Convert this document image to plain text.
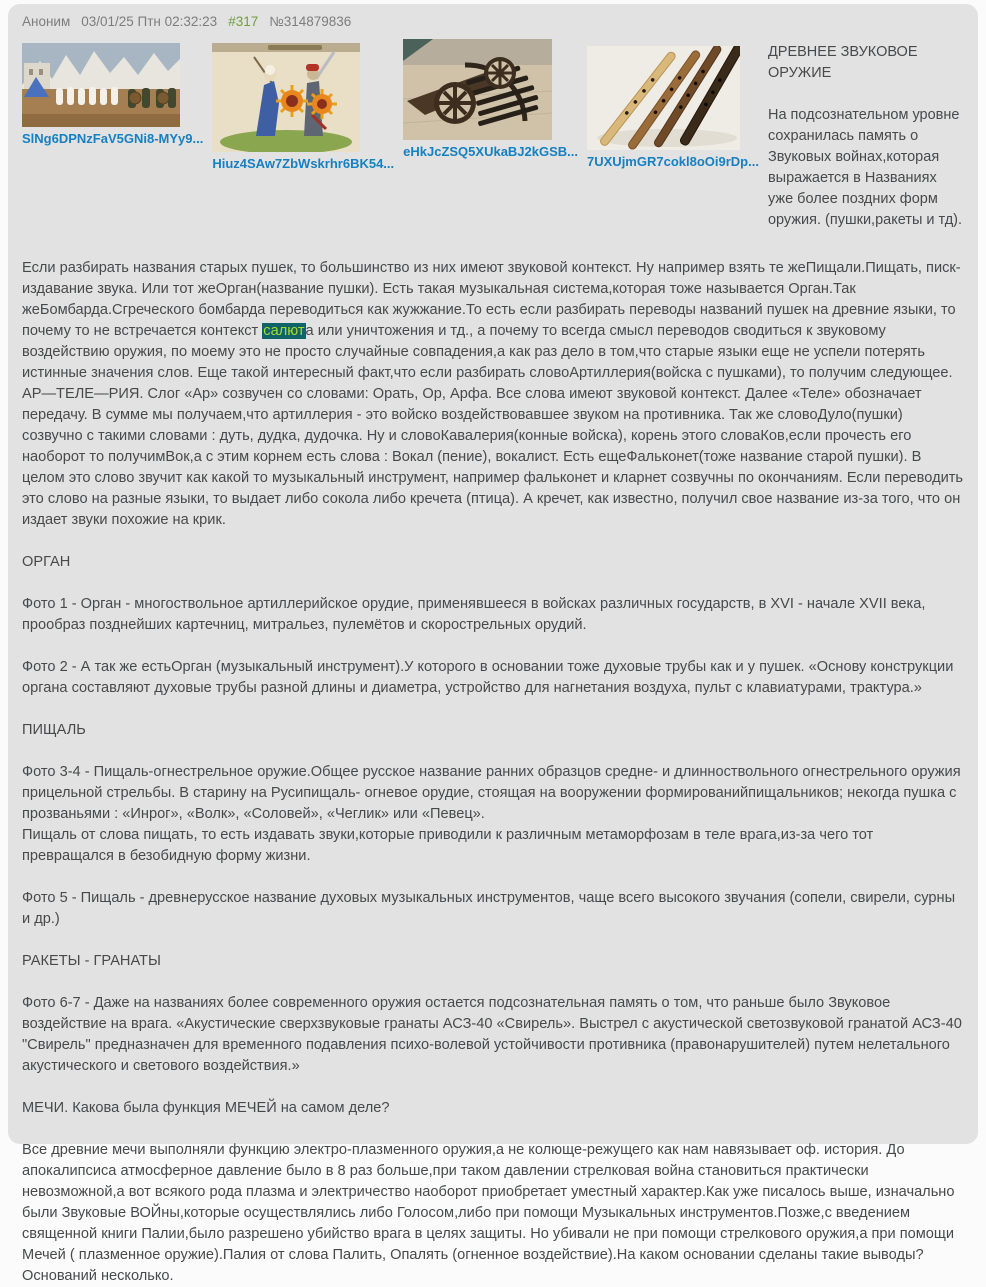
Аноним 03/01/25 Птн 02:32:23 #317 №314879836
SlNg6DPNzFaV5GNi8-MYy9...
Hiuz4SAw7ZbWskrhr6BK54...
eHkJcZSQ5XUkaBJ2kGSB...
7UXUjmGR7cokl8oOi9rDp...
ДРЕВНЕЕ ЗВУКОВОЕ ОРУЖИЕ

На подсознательном уровне сохранилась память о Звуковых войнах,которая выражается в Названиях уже более поздних форм оружия. (пушки,ракеты и тд).

Если разбирать названия старых пушек, то большинство из них имеют звуковой контекст. Ну например взять те жеПищали.Пищать, писк-издавание звука. Или тот жеОрган(название пушки). Есть такая музыкальная система,которая тоже называется Орган.Так жеБомбарда.Сгреческого бомбарда переводиться как жужжание.То есть если разбирать переводы названий пушек на древние языки, то почему то не встречается контекст салюта или уничтожения и тд., а почему то всегда смысл переводов сводиться к звуковому воздействию оружия, по моему это не просто случайные совпадения,а как раз дело в том,что старые языки еще не успели потерять истинные значения слов. Еще такой интересный факт,что если разбирать словоАртиллерия(войска с пушками), то получим следующее. АР—ТЕЛЕ—РИЯ. Слог «Ар» созвучен со словами: Орать, Ор, Арфа. Все слова имеют звуковой контекст. Далее «Теле» обозначает передачу. В сумме мы получаем,что артиллерия - это войско воздействовавшее звуком на противника. Так же словоДуло(пушки) созвучно с такими словами : дуть, дудка, дудочка. Ну и словоКавалерия(конные войска), корень этого словаКов,если прочесть его наоборот то получимВок,а с этим корнем есть слова : Вокал (пение), вокалист. Есть ещеФальконет(тоже название старой пушки). В целом это слово звучит как какой то музыкальный инструмент, например фальконет и кларнет созвучны по окончаниям. Если переводить это слово на разные языки, то выдает либо сокола либо кречета (птица). А кречет, как известно, получил свое название из-за того, что он издает звуки похожие на крик.

ОРГАН

Фото 1 - Орган - многоствольное артиллерийское орудие, применявшееся в войсках различных государств, в XVI - начале XVII века, прообраз позднейших картечниц, митральез, пулемётов и скорострельных орудий.

Фото 2 - А так же естьОрган (музыкальный инструмент).У которого в основании тоже духовые трубы как и у пушек. «Основу конструкции органа составляют духовые трубы разной длины и диаметра, устройство для нагнетания воздуха, пульт с клавиатурами, трактура.»

ПИЩАЛЬ

Фото 3-4 - Пищаль-огнестрельное оружие.Общее русское название ранних образцов средне- и длинноствольного огнестрельного оружия прицельной стрельбы. В старину на Русипищаль- огневое орудие, стоящая на вооружении формированийпищальников; некогда пушка с прозваньями : «Инрог», «Волк», «Соловей», «Чеглик» или «Певец».
Пищаль от слова пищать, то есть издавать звуки,которые приводили к различным метаморфозам в теле врага,из-за чего тот превращался в безобидную форму жизни.

Фото 5 - Пищаль - древнерусское название духовых музыкальных инструментов, чаще всего высокого звучания (сопели, свирели, сурны и др.)

РАКЕТЫ - ГРАНАТЫ

Фото 6-7 - Даже на названиях более современного оружия остается подсознательная память о том, что раньше было Звуковое воздействие на врага. «Акустические сверхзвуковые гранаты АСЗ-40 «Свирель». Выстрел с акустической светозвуковой гранатой АСЗ-40 "Свирель" предназначен для временного подавления психо-волевой устойчивости противника (правонарушителей) путем нелетального акустического и светового воздействия.»

МЕЧИ. Какова была функция МЕЧЕЙ на самом деле?

Все древние мечи выполняли функцию электро-плазменного оружия,а не колюще-режущего как нам навязывает оф. история. До апокалипсиса атмосферное давление было в 8 раз больше,при таком давлении стрелковая война становиться практически невозможной,а вот всякого рода плазма и электричество наоборот приобретает уместный характер.Как уже писалось выше, изначально были Звуковые ВОЙны,которые осуществлялись либо Голосом,либо при помощи Музыкальных инструментов.Позже,с введением священной книги Палии,было разрешено убийство врага в целях защиты. Но убивали не при помощи стрелкового оружия,а при помощи Мечей ( плазменное оружие).Палия от слова Палить, Опалять (огненное воздействие).На каком основании сделаны такие выводы? Оснований несколько.
